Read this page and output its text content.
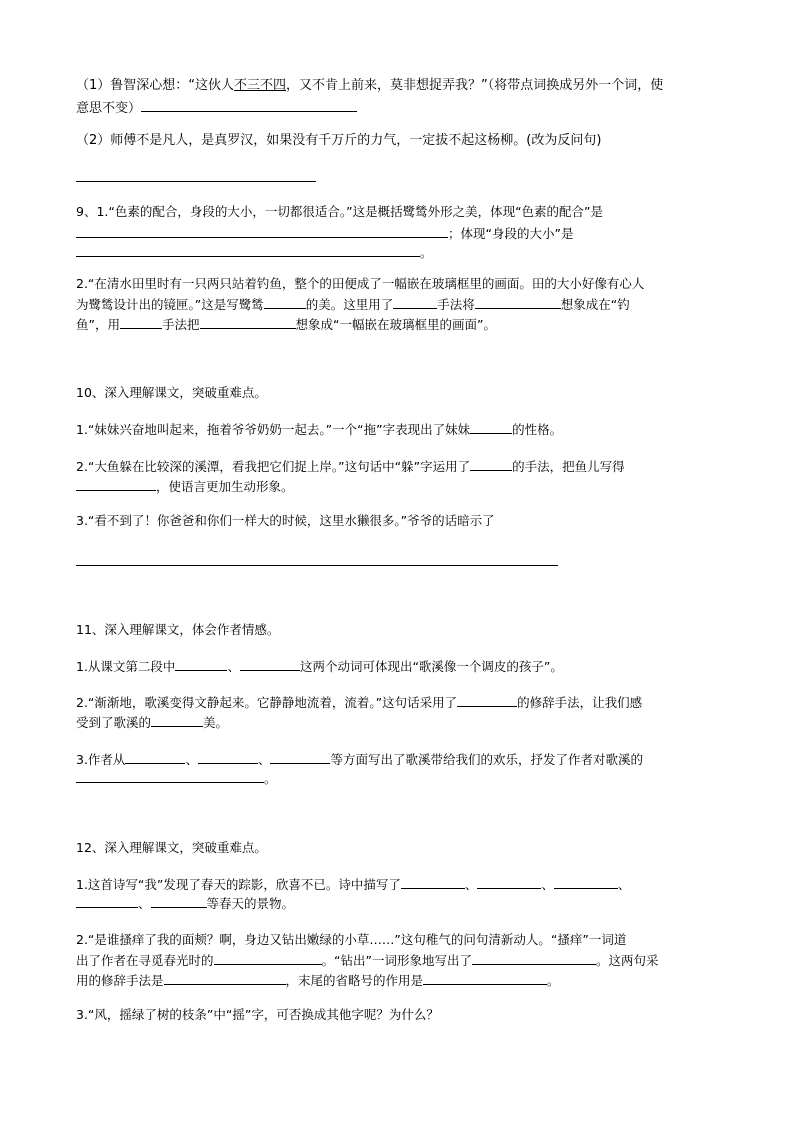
（1）鲁智深心想：“这伙人不三不四，又不肯上前来，莫非想捉弄我？”（将带点词换成另外一个词，使
意思不变）
（2）师傅不是凡人，是真罗汉，如果没有千万斤的力气，一定拔不起这杨柳。(改为反问句)
9、1.“色素的配合，身段的大小，一切都很适合。”这是概括鹭鸶外形之美，体现“色素的配合”是
；体现“身段的大小”是
。
2.“在清水田里时有一只两只站着钓鱼，整个的田便成了一幅嵌在玻璃框里的画面。田的大小好像有心人
为鹭鸶设计出的镜匣。”这是写鹭鸶	的美。这里用了	手法将	想象成在“钓
鱼”，用	手法把	想象成“一幅嵌在玻璃框里的画面”。
10、深入理解课文，突破重难点。
1.“妹妹兴奋地叫起来，拖着爷爷奶奶一起去。”一个“拖”字表现出了妹妹	的性格。
2.“大鱼躲在比较深的溪潭，看我把它们捉上岸。”这句话中“躲”字运用了	的手法，把鱼儿写得
，使语言更加生动形象。
3.“看不到了！你爸爸和你们一样大的时候，这里水獭很多。”爷爷的话暗示了
11、深入理解课文，体会作者情感。
1.从课文第二段中	、	这两个动词可体现出“歌溪像一个调皮的孩子”。
2.“渐渐地，歌溪变得文静起来。它静静地流着，流着。”这句话采用了	的修辞手法，让我们感
受到了歌溪的	美。
3.作者从	、	、	等方面写出了歌溪带给我们的欢乐，抒发了作者对歌溪的
。
12、深入理解课文，突破重难点。
1.这首诗写“我”发现了春天的踪影，欣喜不已。诗中描写了	、	、	、
、	等春天的景物。
2.“是谁搔痒了我的面颊？啊，身边又钻出嫩绿的小草……”这句稚气的问句清新动人。“搔痒”一词道
出了作者在寻觅春光时的	。“钻出”一词形象地写出了	。这两句采
用的修辞手法是	，末尾的省略号的作用是	。
3.“风，摇绿了树的枝条”中“摇”字，可否换成其他字呢？为什么？
